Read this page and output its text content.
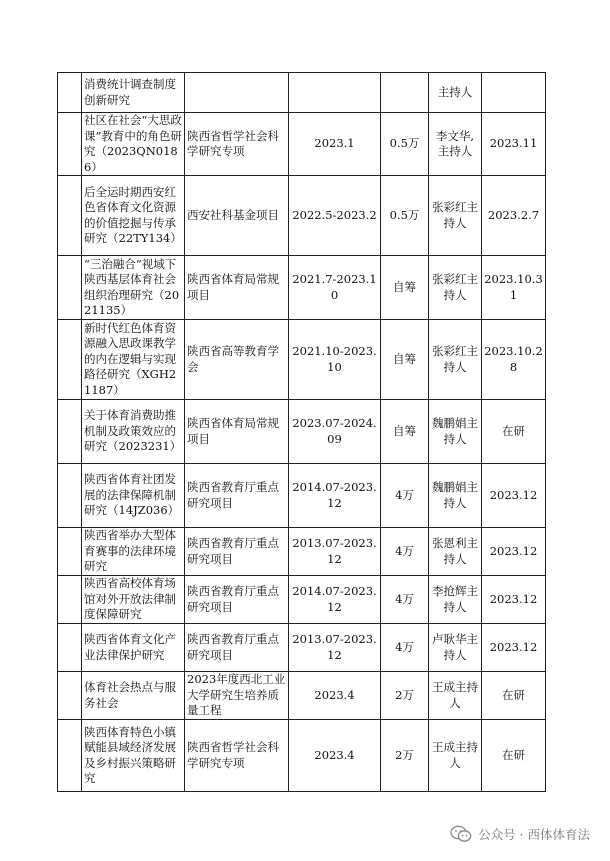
	消费统计调查制度创新研究				主持人	
	社区在社会“大思政课”教育中的角色研究（2023QN0186）	陕西省哲学社会科学研究专项	2023.1	0.5万	李文华,主持人	2023.11
	后全运时期西安红色省体育文化资源的价值挖掘与传承研究（22TY134）	西安社科基金项目	2022.5-2023.2	0.5万	张彩红主持人	2023.2.7
	“三治融合”视域下陕西基层体育社会组织治理研究（2021135）	陕西省体育局常规项目	2021.7-2023.10	自筹	张彩红主持人	2023.10.31
	新时代红色体育资源融入思政课教学的内在逻辑与实现路径研究（XGH21187）	陕西省高等教育学会	2021.10-2023.10	自筹	张彩红主持人	2023.10.28
	关于体育消费助推机制及政策效应的研究（2023231）	陕西省体育局常规项目	2023.07-2024.09	自筹	魏鹏娟主持人	在研
	陕西省体育社团发展的法律保障机制研究（14JZ036）	陕西省教育厅重点研究项目	2014.07-2023.12	4万	魏鹏娟主持人	2023.12
	陕西省举办大型体育赛事的法律环境研究	陕西省教育厅重点研究项目	2013.07-2023.12	4万	张恩利主持人	2023.12
	陕西省高校体育场馆对外开放法律制度保障研究	陕西省教育厅重点研究项目	2014.07-2023.12	4万	李抢辉主持人	2023.12
	陕西省体育文化产业法律保护研究	陕西省教育厅重点研究项目	2013.07-2023.12	4万	卢耿华主持人	2023.12
	体育社会热点与服务社会	2023年度西北工业大学研究生培养质量工程	2023.4	2万	王成主持人	在研
	陕西体育特色小镇赋能县域经济发展及乡村振兴策略研究	陕西省哲学社会科学研究专项	2023.4	2万	王成主持人	在研
公众号 · 西体体育法
